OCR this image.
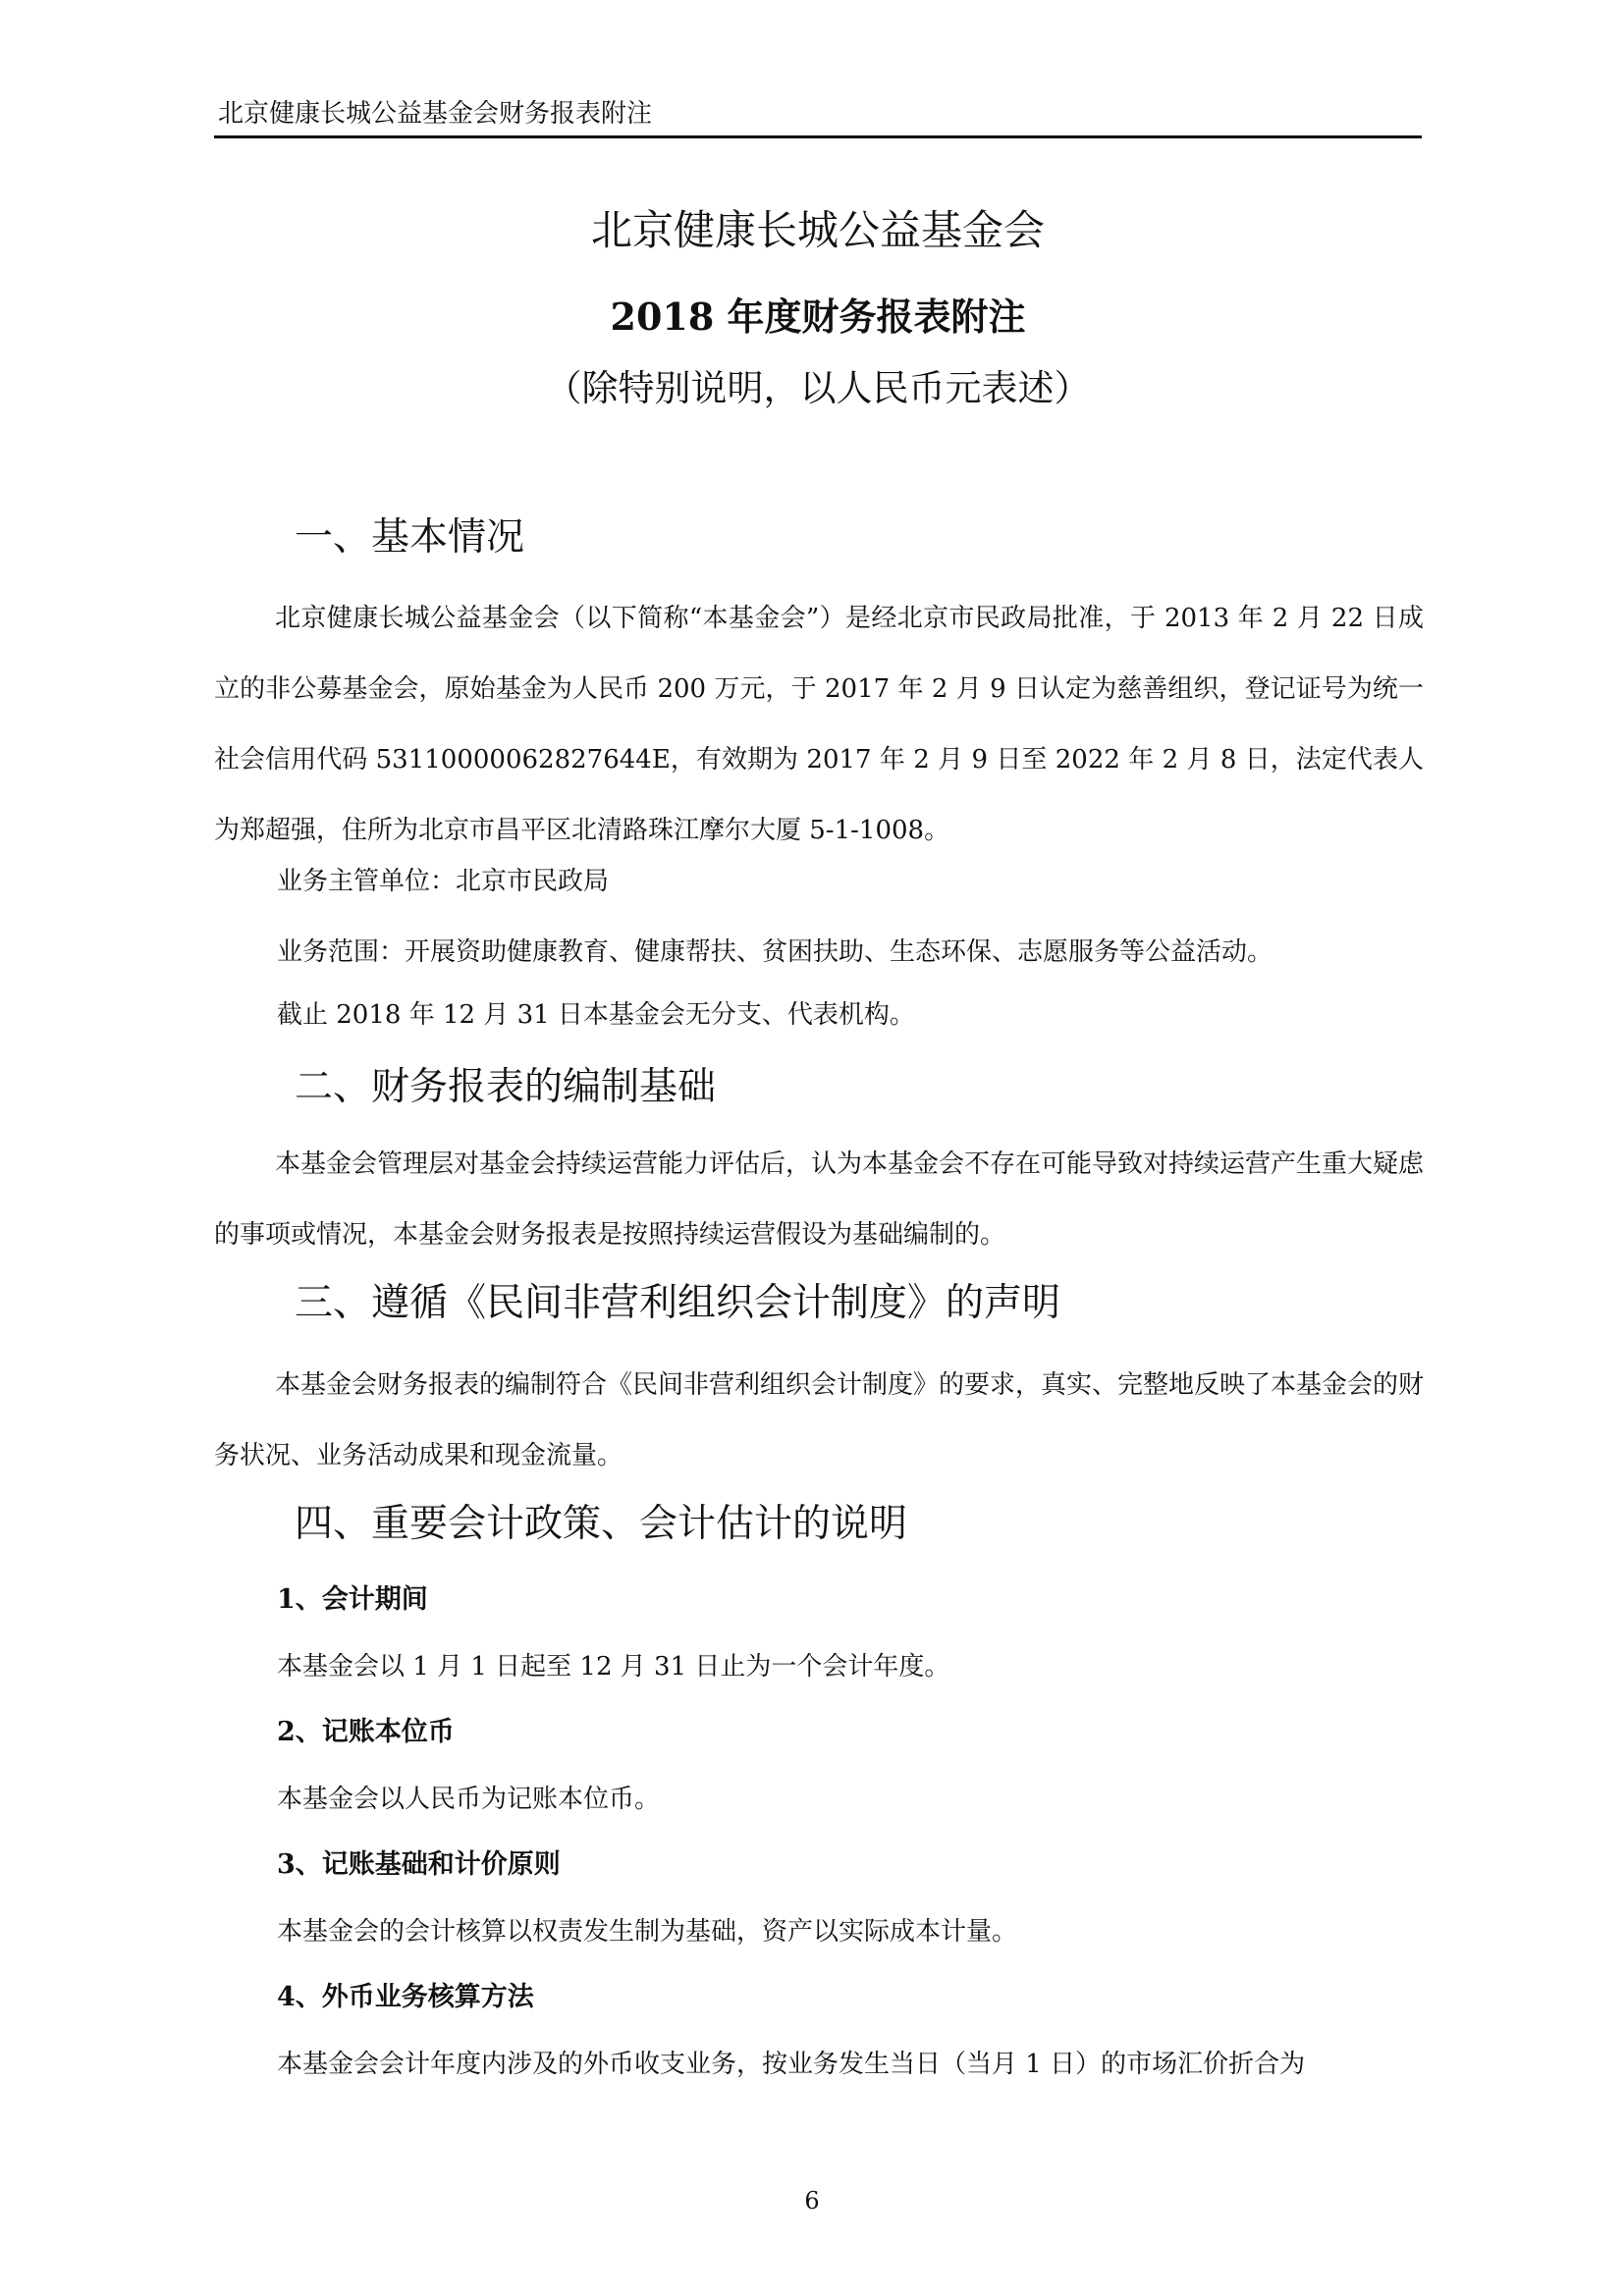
北京健康长城公益基金会财务报表附注
北京健康长城公益基金会
2018 年度财务报表附注
（除特别说明，以人民币元表述）
一、基本情况
北京健康长城公益基金会（以下简称“本基金会”）是经北京市民政局批准，于 2013 年 2 月 22 日成立的非公募基金会，原始基金为人民币 200 万元，于 2017 年 2 月 9 日认定为慈善组织，登记证号为统一社会信用代码 53110000062827644E，有效期为 2017 年 2 月 9 日至 2022 年 2 月 8 日，法定代表人为郑超强，住所为北京市昌平区北清路珠江摩尔大厦 5-1-1008。
业务主管单位：北京市民政局
业务范围：开展资助健康教育、健康帮扶、贫困扶助、生态环保、志愿服务等公益活动。
截止 2018 年 12 月 31 日本基金会无分支、代表机构。
二、财务报表的编制基础
本基金会管理层对基金会持续运营能力评估后，认为本基金会不存在可能导致对持续运营产生重大疑虑的事项或情况，本基金会财务报表是按照持续运营假设为基础编制的。
三、遵循《民间非营利组织会计制度》的声明
本基金会财务报表的编制符合《民间非营利组织会计制度》的要求，真实、完整地反映了本基金会的财务状况、业务活动成果和现金流量。
四、重要会计政策、会计估计的说明
1、会计期间
本基金会以 1 月 1 日起至 12 月 31 日止为一个会计年度。
2、记账本位币
本基金会以人民币为记账本位币。
3、记账基础和计价原则
本基金会的会计核算以权责发生制为基础，资产以实际成本计量。
4、外币业务核算方法
本基金会会计年度内涉及的外币收支业务，按业务发生当日（当月 1 日）的市场汇价折合为
6
